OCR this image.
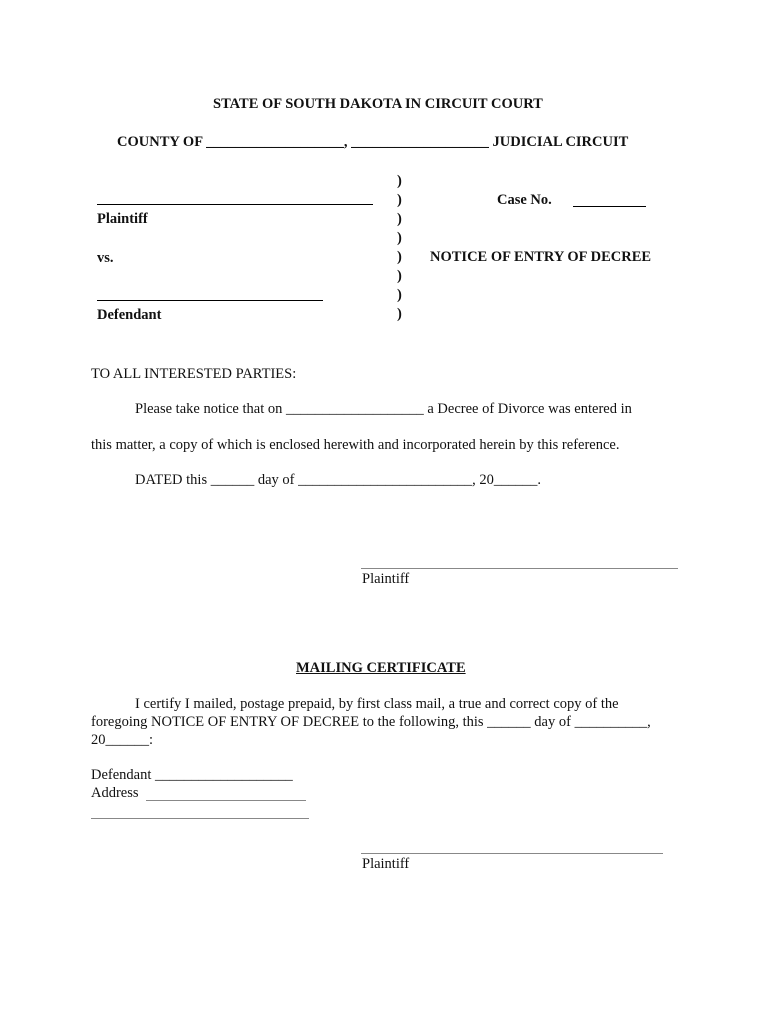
STATE OF SOUTH DAKOTA IN CIRCUIT COURT
COUNTY OF ___________________, ___________________ JUDICIAL CIRCUIT
Plaintiff
vs.
Defendant
)
)
)
)
)
)
)
)
Case No.
NOTICE OF ENTRY OF DECREE
TO ALL INTERESTED PARTIES:
Please take notice that on ___________________ a Decree of Divorce was entered in
this matter, a copy of which is enclosed herewith and incorporated herein by this reference.
DATED this ______ day of ________________________, 20______.
Plaintiff
MAILING CERTIFICATE
I certify I mailed, postage prepaid, by first class mail, a true and correct copy of the
foregoing NOTICE OF ENTRY OF DECREE to the following, this ______ day of __________,
20______:
Defendant ___________________
Address
Plaintiff
